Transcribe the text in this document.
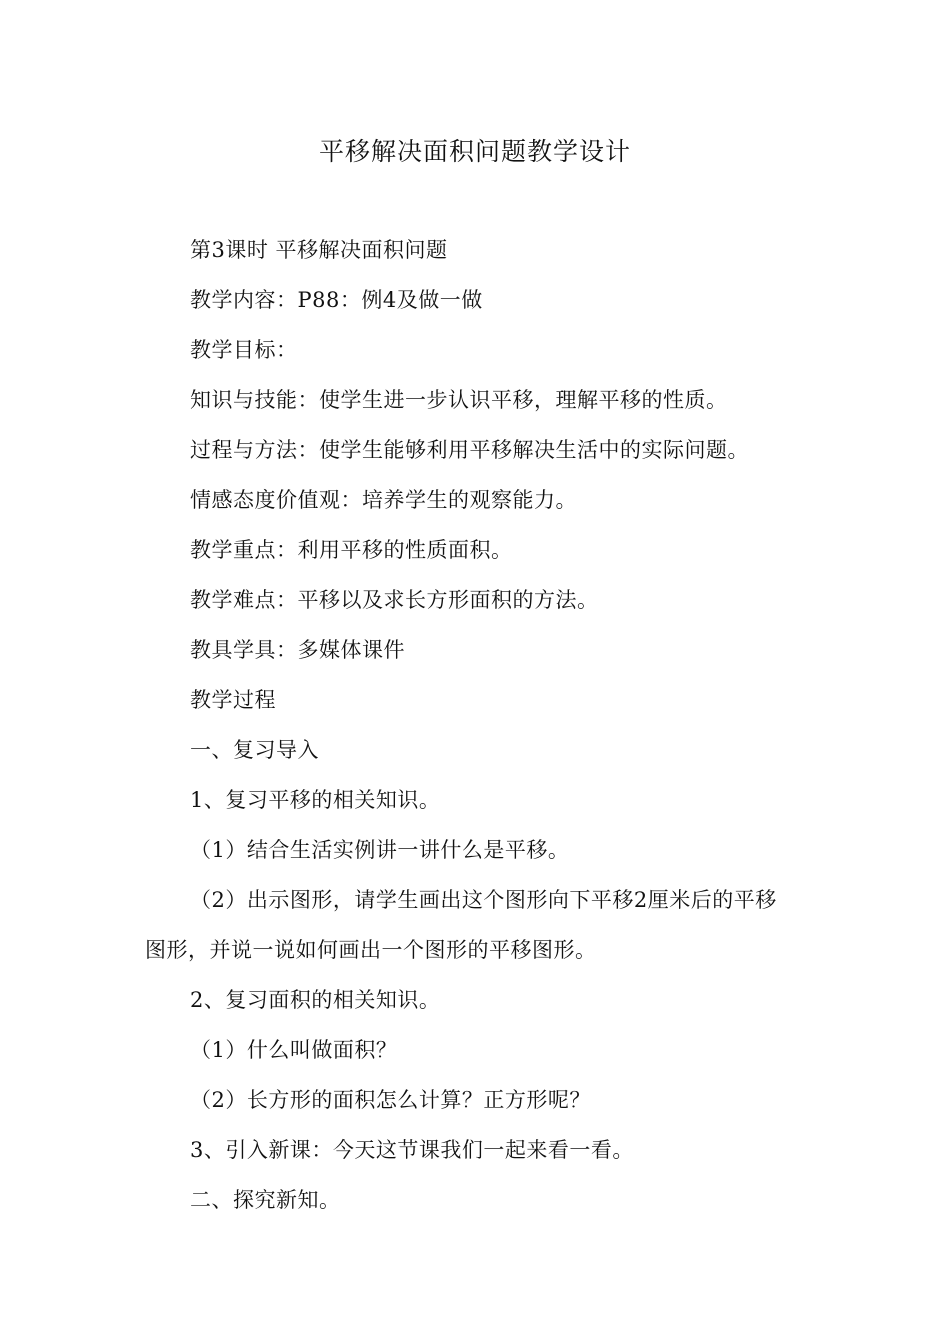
平移解决面积问题教学设计
第3课时 平移解决面积问题
教学内容：P88：例4及做一做
教学目标：
知识与技能：使学生进一步认识平移，理解平移的性质。
过程与方法：使学生能够利用平移解决生活中的实际问题。
情感态度价值观：培养学生的观察能力。
教学重点：利用平移的性质面积。
教学难点：平移以及求长方形面积的方法。
教具学具：多媒体课件
教学过程
一、复习导入
1、复习平移的相关知识。
（1）结合生活实例讲一讲什么是平移。
（2）出示图形，请学生画出这个图形向下平移2厘米后的平移
图形，并说一说如何画出一个图形的平移图形。
2、复习面积的相关知识。
（1）什么叫做面积？
（2）长方形的面积怎么计算？正方形呢？
3、引入新课：今天这节课我们一起来看一看。
二、探究新知。
